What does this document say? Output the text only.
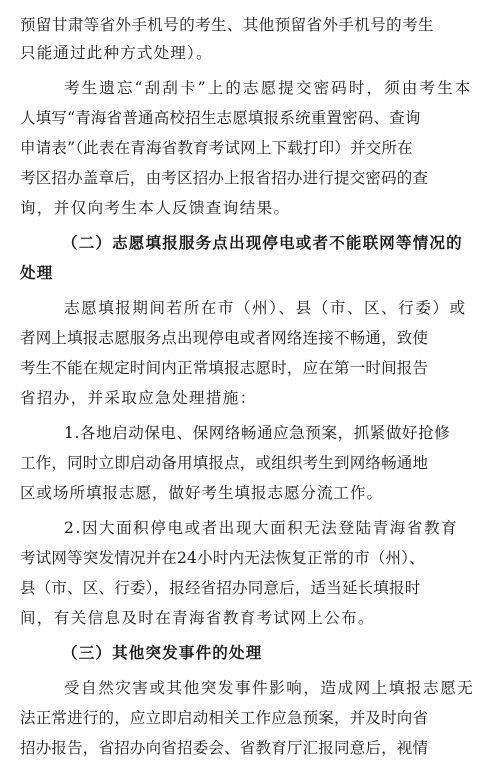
预留甘肃等省外手机号的考生、其他预留省外手机号的考生
只能通过此种方式处理）。
考生遗忘“刮刮卡”上的志愿提交密码时，须由考生本
人填写“青海省普通高校招生志愿填报系统重置密码、查询
申请表”（此表在青海省教育考试网上下载打印）并交所在
考区招办盖章后，由考区招办上报省招办进行提交密码的查
询，并仅向考生本人反馈查询结果。
（二）志愿填报服务点出现停电或者不能联网等情况的
处理
志愿填报期间若所在市（州）、县（市、区、行委）或
者网上填报志愿服务点出现停电或者网络连接不畅通，致使
考生不能在规定时间内正常填报志愿时，应在第一时间报告
省招办，并采取应急处理措施：
1.各地启动保电、保网络畅通应急预案，抓紧做好抢修
工作，同时立即启动备用填报点，或组织考生到网络畅通地
区或场所填报志愿，做好考生填报志愿分流工作。
2.因大面积停电或者出现大面积无法登陆青海省教育
考试网等突发情况并在24小时内无法恢复正常的市（州）、
县（市、区、行委），报经省招办同意后，适当延长填报时
间，有关信息及时在青海省教育考试网上公布。
（三）其他突发事件的处理
受自然灾害或其他突发事件影响，造成网上填报志愿无
法正常进行的，应立即启动相关工作应急预案，并及时向省
招办报告，省招办向省招委会、省教育厅汇报同意后，视情
